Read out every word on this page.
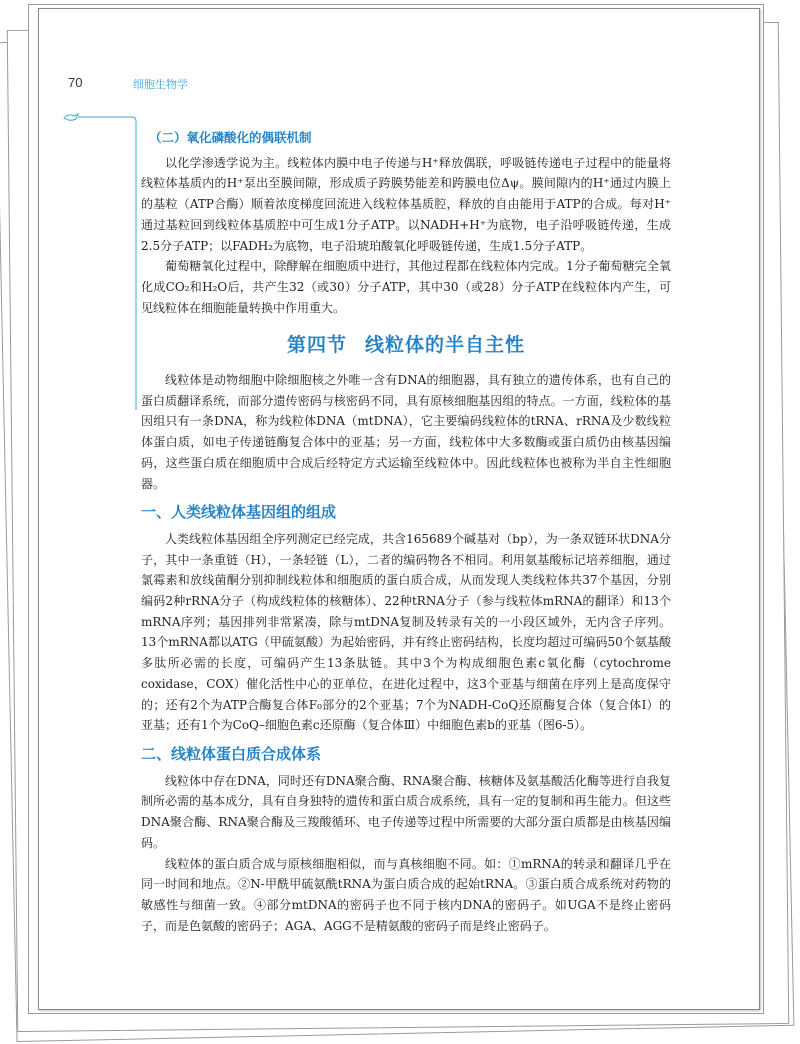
70	细胞生物学
（二）氧化磷酸化的偶联机制

以化学渗透学说为主。线粒体内膜中电子传递与H⁺释放偶联，呼吸链传递电子过程中的能量将线粒体基质内的H⁺泵出至膜间隙，形成质子跨膜势能差和跨膜电位Δψ。膜间隙内的H⁺通过内膜上的基粒（ATP合酶）顺着浓度梯度回流进入线粒体基质腔，释放的自由能用于ATP的合成。每对H⁺通过基粒回到线粒体基质腔中可生成1分子ATP。以NADH+H⁺为底物，电子沿呼吸链传递，生成2.5分子ATP；以FADH₂为底物，电子沿琥珀酸氧化呼吸链传递，生成1.5分子ATP。

葡萄糖氧化过程中，除酵解在细胞质中进行，其他过程都在线粒体内完成。1分子葡萄糖完全氧化成CO₂和H₂O后，共产生32（或30）分子ATP，其中30（或28）分子ATP在线粒体内产生，可见线粒体在细胞能量转换中作用重大。

第四节 线粒体的半自主性

线粒体是动物细胞中除细胞核之外唯一含有DNA的细胞器，具有独立的遗传体系，也有自己的蛋白质翻译系统，而部分遗传密码与核密码不同，具有原核细胞基因组的特点。一方面，线粒体的基因组只有一条DNA，称为线粒体DNA（mtDNA），它主要编码线粒体的tRNA、rRNA及少数线粒体蛋白质，如电子传递链酶复合体中的亚基；另一方面，线粒体中大多数酶或蛋白质仍由核基因编码，这些蛋白质在细胞质中合成后经特定方式运输至线粒体中。因此线粒体也被称为半自主性细胞器。

一、人类线粒体基因组的组成

人类线粒体基因组全序列测定已经完成，共含165689个碱基对（bp），为一条双链环状DNA分子，其中一条重链（H），一条轻链（L），二者的编码物各不相同。利用氨基酸标记培养细胞，通过氯霉素和放线菌酮分别抑制线粒体和细胞质的蛋白质合成，从而发现人类线粒体共37个基因，分别编码2种rRNA分子（构成线粒体的核糖体）、22种tRNA分子（参与线粒体mRNA的翻译）和13个mRNA序列；基因排列非常紧凑，除与mtDNA复制及转录有关的一小段区域外，无内含子序列。13个mRNA都以ATG（甲硫氨酸）为起始密码，并有终止密码结构，长度均超过可编码50个氨基酸多肽所必需的长度，可编码产生13条肽链。其中3个为构成细胞色素c氧化酶（cytochrome coxidase，COX）催化活性中心的亚单位，在进化过程中，这3个亚基与细菌在序列上是高度保守的；还有2个为ATP合酶复合体F₀部分的2个亚基；7个为NADH-CoQ还原酶复合体（复合体Ⅰ）的亚基；还有1个为CoQ–细胞色素c还原酶（复合体Ⅲ）中细胞色素b的亚基（图6-5）。

二、线粒体蛋白质合成体系

线粒体中存在DNA，同时还有DNA聚合酶、RNA聚合酶、核糖体及氨基酸活化酶等进行自我复制所必需的基本成分，具有自身独特的遗传和蛋白质合成系统，具有一定的复制和再生能力。但这些DNA聚合酶、RNA聚合酶及三羧酸循环、电子传递等过程中所需要的大部分蛋白质都是由核基因编码。

线粒体的蛋白质合成与原核细胞相似，而与真核细胞不同。如：①mRNA的转录和翻译几乎在同一时间和地点。②N-甲酰甲硫氨酰tRNA为蛋白质合成的起始tRNA。③蛋白质合成系统对药物的敏感性与细菌一致。④部分mtDNA的密码子也不同于核内DNA的密码子。如UGA不是终止密码子，而是色氨酸的密码子；AGA、AGG不是精氨酸的密码子而是终止密码子。
